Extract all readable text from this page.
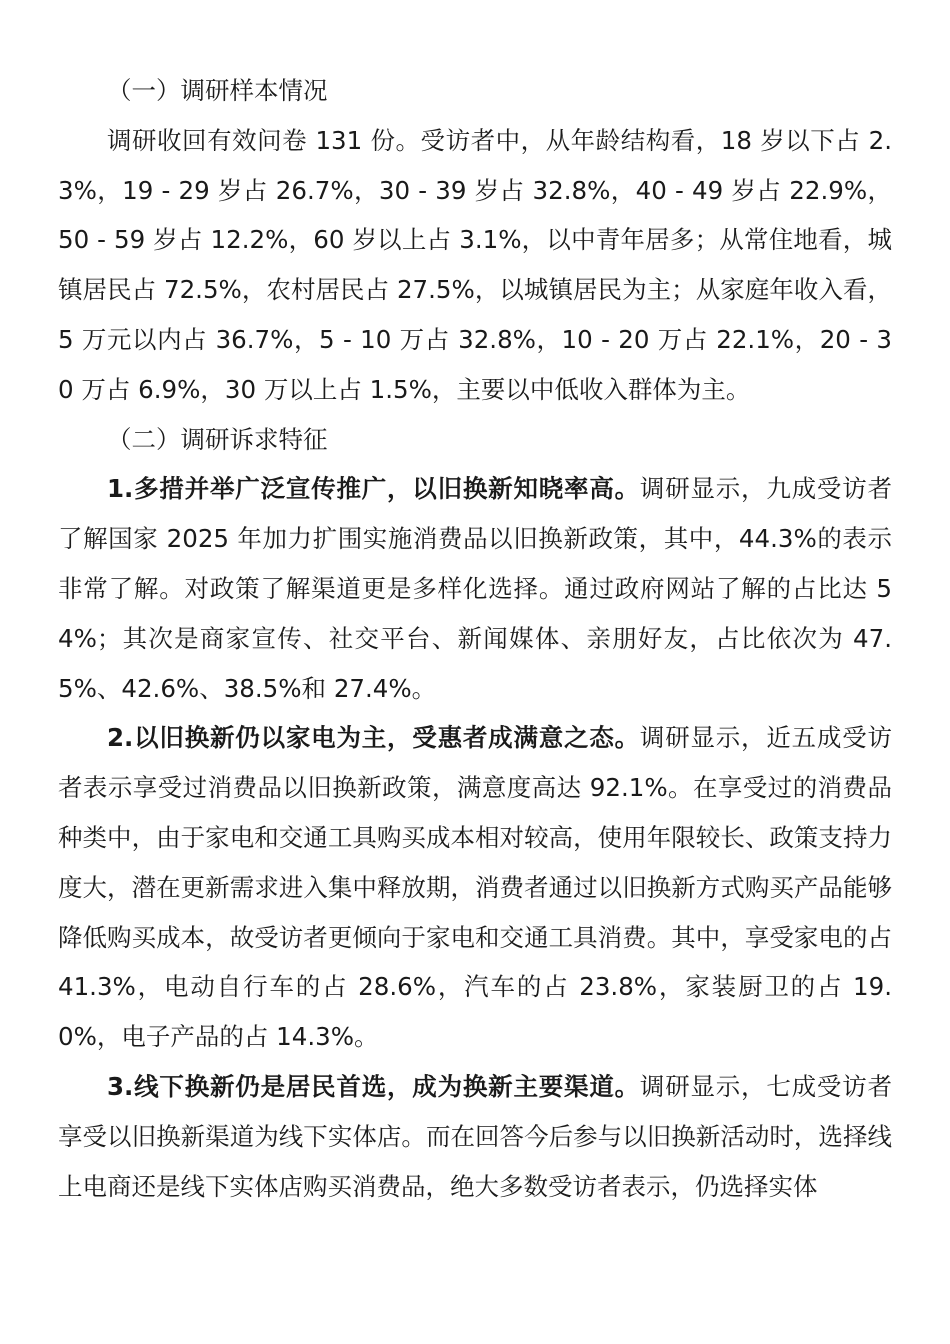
（一）调研样本情况

调研收回有效问卷 131 份。受访者中，从年龄结构看，18 岁以下占 2.3%，19 - 29 岁占 26.7%，30 - 39 岁占 32.8%，40 - 49 岁占 22.9%，50 - 59 岁占 12.2%，60 岁以上占 3.1%，以中青年居多；从常住地看，城镇居民占 72.5%，农村居民占 27.5%，以城镇居民为主；从家庭年收入看，5 万元以内占 36.7%，5 - 10 万占 32.8%，10 - 20 万占 22.1%，20 - 30 万占 6.9%，30 万以上占 1.5%，主要以中低收入群体为主。

（二）调研诉求特征

1.多措并举广泛宣传推广，以旧换新知晓率高。调研显示，九成受访者了解国家 2025 年加力扩围实施消费品以旧换新政策，其中，44.3%的表示非常了解。对政策了解渠道更是多样化选择。通过政府网站了解的占比达 54%；其次是商家宣传、社交平台、新闻媒体、亲朋好友，占比依次为 47.5%、42.6%、38.5%和 27.4%。

2.以旧换新仍以家电为主，受惠者成满意之态。调研显示，近五成受访者表示享受过消费品以旧换新政策，满意度高达 92.1%。在享受过的消费品种类中，由于家电和交通工具购买成本相对较高，使用年限较长、政策支持力度大，潜在更新需求进入集中释放期，消费者通过以旧换新方式购买产品能够降低购买成本，故受访者更倾向于家电和交通工具消费。其中，享受家电的占 41.3%，电动自行车的占 28.6%，汽车的占 23.8%，家装厨卫的占 19.0%，电子产品的占 14.3%。

3.线下换新仍是居民首选，成为换新主要渠道。调研显示，七成受访者享受以旧换新渠道为线下实体店。而在回答今后参与以旧换新活动时，选择线上电商还是线下实体店购买消费品，绝大多数受访者表示，仍选择实体
